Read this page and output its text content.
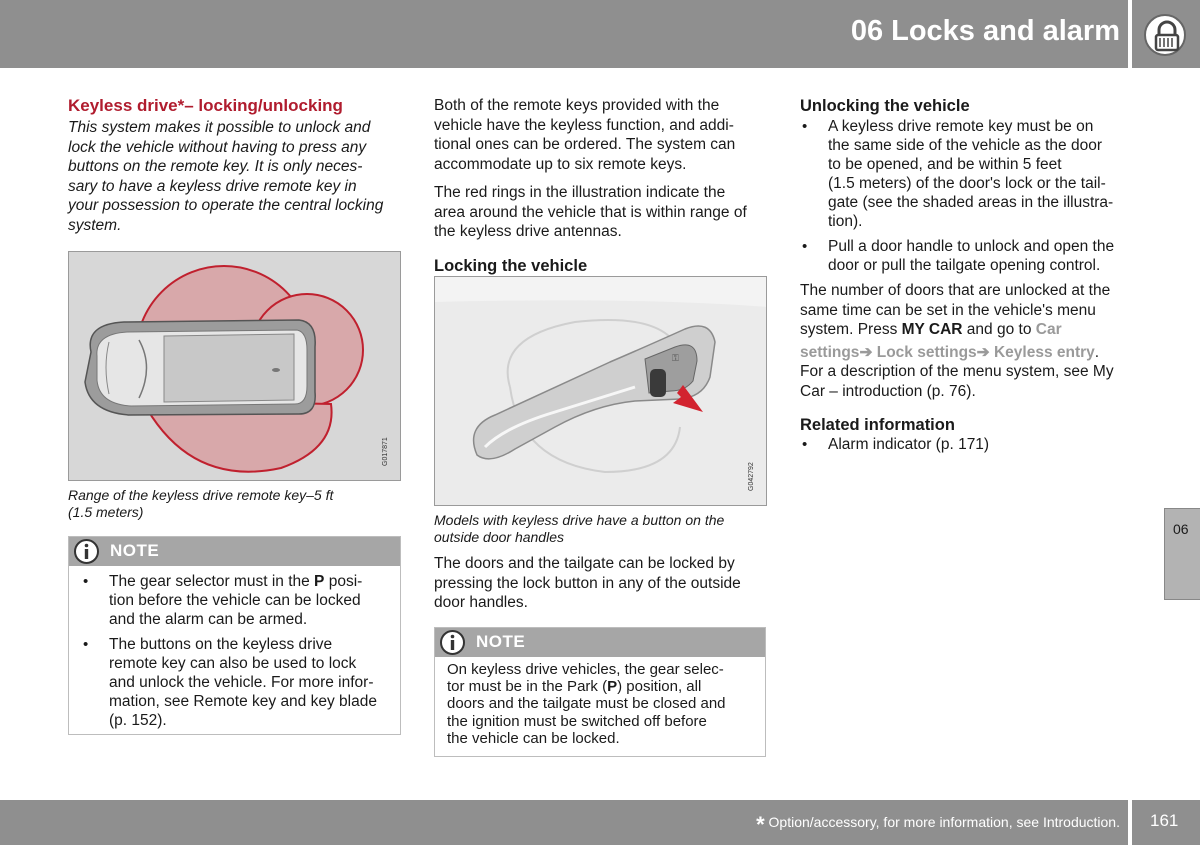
06 Locks and alarm
Keyless drive*– locking/unlocking
This system makes it possible to unlock and
lock the vehicle without having to press any
buttons on the remote key. It is only neces-
sary to have a keyless drive remote key in
your possession to operate the central locking
system.
G017871
Range of the keyless drive remote key–5 ft
(1.5 meters)
NOTE
• The gear selector must in the P posi-
tion before the vehicle can be locked
and the alarm can be armed.
• The buttons on the keyless drive
remote key can also be used to lock
and unlock the vehicle. For more infor-
mation, see Remote key and key blade
(p. 152).
Both of the remote keys provided with the
vehicle have the keyless function, and addi-
tional ones can be ordered. The system can
accommodate up to six remote keys.
The red rings in the illustration indicate the
area around the vehicle that is within range of
the keyless drive antennas.
Locking the vehicle
⚿
G042792
Models with keyless drive have a button on the
outside door handles
The doors and the tailgate can be locked by
pressing the lock button in any of the outside
door handles.
NOTE
On keyless drive vehicles, the gear selec-
tor must be in the Park (P) position, all
doors and the tailgate must be closed and
the ignition must be switched off before
the vehicle can be locked.
Unlocking the vehicle
• A keyless drive remote key must be on
the same side of the vehicle as the door
to be opened, and be within 5 feet
(1.5 meters) of the door's lock or the tail-
gate (see the shaded areas in the illustra-
tion).
• Pull a door handle to unlock and open the
door or pull the tailgate opening control.
The number of doors that are unlocked at the
same time can be set in the vehicle's menu
system. Press MY CAR and go to Car
settings➔ Lock settings➔ Keyless entry.
For a description of the menu system, see My
Car – introduction (p. 76).
Related information
• Alarm indicator (p. 171)
06
* Option/accessory, for more information, see Introduction. 161
